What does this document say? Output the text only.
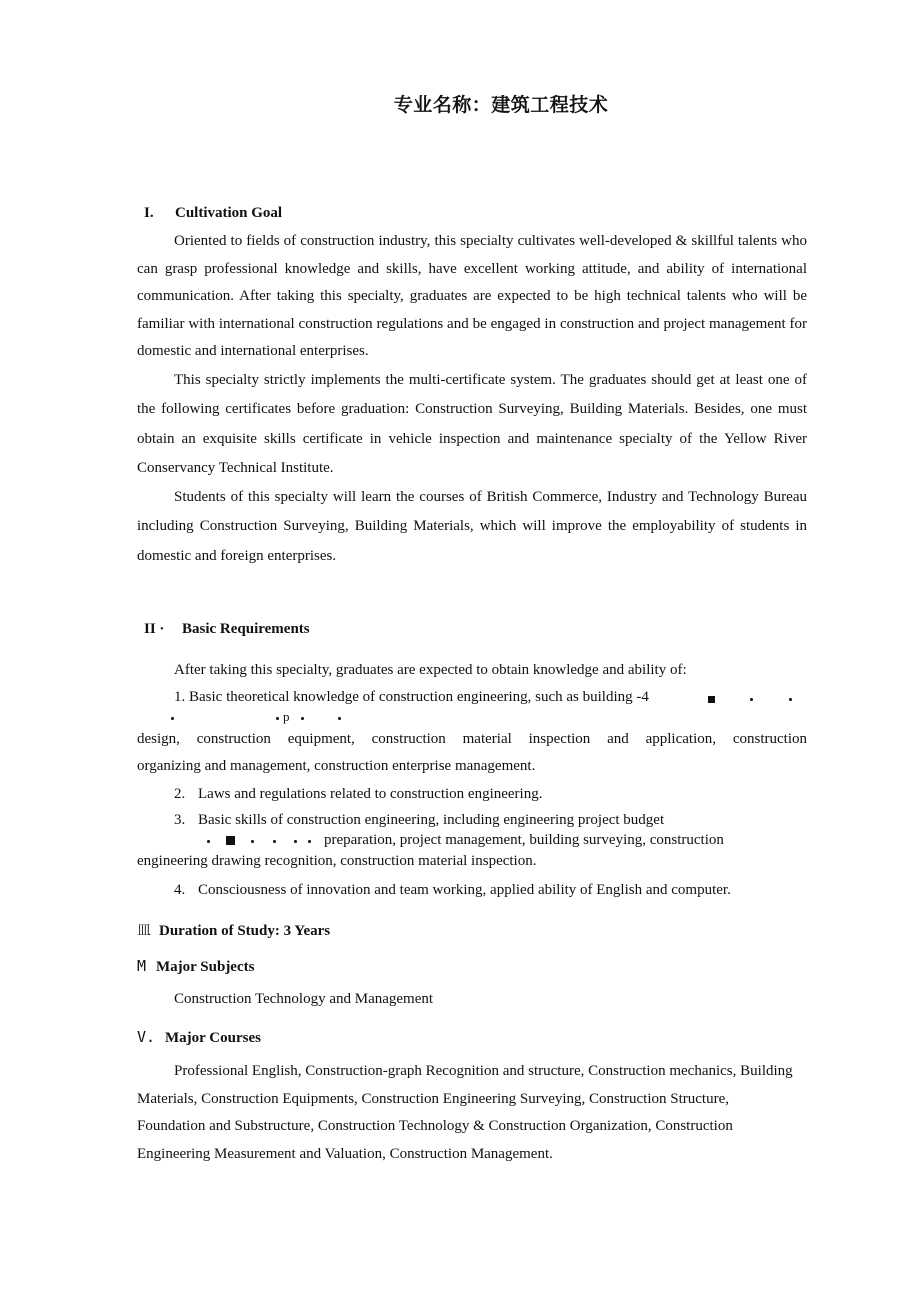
专业名称：建筑工程技术
I. Cultivation Goal
Oriented to fields of construction industry, this specialty cultivates well-developed & skillful talents who can grasp professional knowledge and skills, have excellent working attitude, and ability of international communication. After taking this specialty, graduates are expected to be high technical talents who will be familiar with international construction regulations and be engaged in construction and project management for domestic and international enterprises.
This specialty strictly implements the multi-certificate system. The graduates should get at least one of the following certificates before graduation: Construction Surveying, Building Materials. Besides, one must obtain an exquisite skills certificate in vehicle inspection and maintenance specialty of the Yellow River Conservancy Technical Institute.
Students of this specialty will learn the courses of British Commerce, Industry and Technology Bureau including Construction Surveying, Building Materials, which will improve the employability of students in domestic and foreign enterprises.
II · Basic Requirements
After taking this specialty, graduates are expected to obtain knowledge and ability of:
1. Basic theoretical knowledge of construction engineering, such as building -4
p
design, construction equipment, construction material inspection and application, construction
organizing and management, construction enterprise management.
2. Laws and regulations related to construction engineering.
3. Basic skills of construction engineering, including engineering project budget
preparation, project management, building surveying, construction
engineering drawing recognition, construction material inspection.
4. Consciousness of innovation and team working, applied ability of English and computer.
皿 Duration of Study: 3 Years
M Major Subjects
Construction Technology and Management
V. Major Courses
Professional English, Construction-graph Recognition and structure, Construction mechanics, Building Materials, Construction Equipments, Construction Engineering Surveying, Construction Structure, Foundation and Substructure, Construction Technology & Construction Organization, Construction Engineering Measurement and Valuation, Construction Management.
